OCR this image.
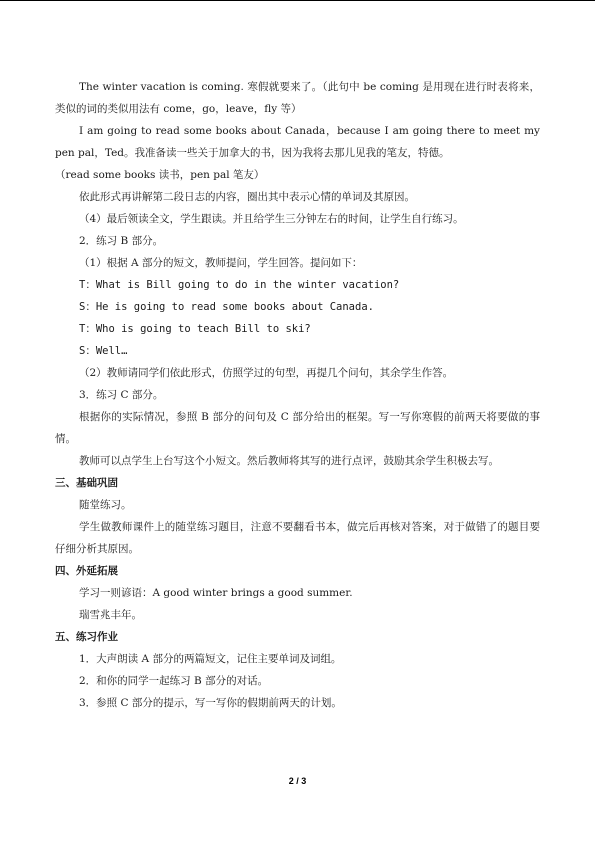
The winter vacation is coming. 寒假就要来了。（此句中 be coming 是用现在进行时表将来，类似的词的类似用法有 come，go，leave，fly 等）

I am going to read some books about Canada，because I am going there to meet my pen pal，Ted。我准备读一些关于加拿大的书，因为我将去那儿见我的笔友，特德。

（read some books 读书，pen pal 笔友）

依此形式再讲解第二段日志的内容，圈出其中表示心情的单词及其原因。

（4）最后领读全文，学生跟读。并且给学生三分钟左右的时间，让学生自行练习。

2．练习 B 部分。

（1）根据 A 部分的短文，教师提问，学生回答。提问如下：

T：What is Bill going to do in the winter vacation?

S：He is going to read some books about Canada.

T：Who is going to teach Bill to ski?

S：Well…

（2）教师请同学们依此形式，仿照学过的句型，再提几个问句，其余学生作答。

3．练习 C 部分。

根据你的实际情况，参照 B 部分的问句及 C 部分给出的框架。写一写你寒假的前两天将要做的事情。

教师可以点学生上台写这个小短文。然后教师将其写的进行点评，鼓励其余学生积极去写。

三、基础巩固

随堂练习。

学生做教师课件上的随堂练习题目，注意不要翻看书本，做完后再核对答案，对于做错了的题目要仔细分析其原因。

四、外延拓展

学习一则谚语：A good winter brings a good summer.

瑞雪兆丰年。

五、练习作业

1．大声朗读 A 部分的两篇短文，记住主要单词及词组。

2．和你的同学一起练习 B 部分的对话。

3．参照 C 部分的提示，写一写你的假期前两天的计划。

2 / 3
